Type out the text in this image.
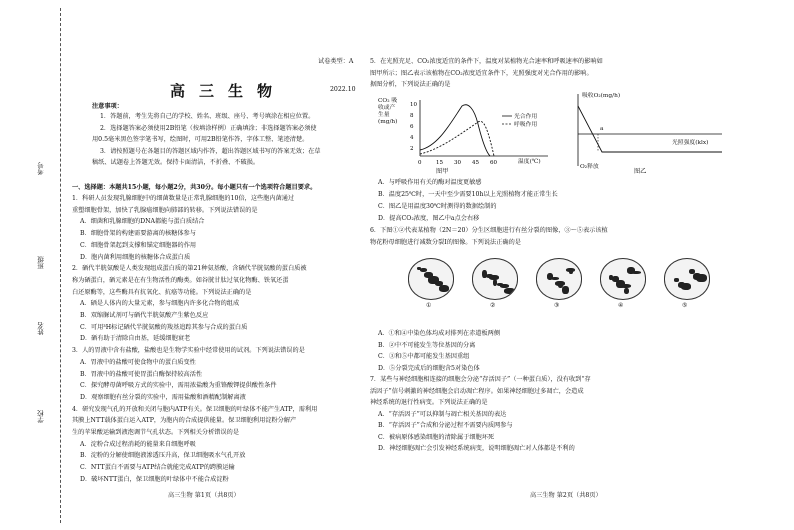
考号
班级
姓名
学校
试卷类型：A
高三生物	2022.10
注意事项：
1．答题前，考生先将自己的学校、姓名、班级、座号、考号填涂在相应位置。
2．选择题答案必须使用2B铅笔（按填涂样例）正确填涂；非选择题答案必须使
用0.5毫米黑色签字笔书写，绘图时，可用2B铅笔作答，字体工整、笔迹清楚。
3．请按照题号在各题目的答题区域内作答，超出答题区域书写的答案无效；在草
稿纸、试题卷上答题无效。保持卡面清洁，不折叠、不破损。
一、选择题：本题共15小题，每小题2分，共30分。每小题只有一个选项符合题目要求。
1．科研人员发现乳腺细胞中的细菌数量是正常乳腺细胞的10倍，这些胞内菌通过
重塑细胞骨架，加快了乳腺癌细胞向肺部的转移。下列说法错误的是
A．细菌和乳腺细胞的DNA都能与蛋白质结合
B．细胞骨架的构建需要游离的核糖体参与
C．细胞骨架起到支撑和锚定细胞器的作用
D．胞内菌利用细胞的核糖体合成蛋白质
2．硒代半胱氨酸是人类发现组成蛋白质的第21种氨基酸，含硒代半胱氨酸的蛋白质被
称为硒蛋白，硒元素是在有生物活性的酶类。如谷胱甘肽过氧化物酶、铁氧还蛋
白还原酶等，这些酶具有抗氧化、抗癌等功能。下列说法正确的是
A．硒是人体内的大量元素，参与细胞内许多化合物的组成
B．双缩脲试剂可与硒代半胱氨酸产生紫色反应
C．可用³H标记硒代半胱氨酸的羧基追踪其参与合成的蛋白质
D．硒有助于清除自由基，延缓细胞衰老
3．人的胃液中含有盐酸，盐酸也是生物学实验中经常使用的试剂。下列说法错误的是
A．胃液中的盐酸可使食物中的蛋白质变性
B．胃液中的盐酸可使胃蛋白酶保持较高活性
C．探究酵母菌呼吸方式的实验中，需用浓盐酸为重铬酸钾提供酸性条件
D．观察细胞有丝分裂的实验中，需用盐酸和酒精配制解离液
4．研究发现气孔的开放和关闭与胞内ATP有关。保卫细胞的叶绿体不能产生ATP，需利用
其膜上NTT载体蛋白运入ATP，为胞内的合成提供能量。保卫细胞利用淀粉分解产
生的苹果酸运输到液泡调节气孔状态。下列相关分析错误的是
A．淀粉合成过程消耗的能量来自细胞呼吸
B．淀粉的分解使细胞液渗透压升高，保卫细胞吸水气孔开放
C．NTT蛋白不需要与ATP结合就能完成ATP的跨膜运输
D．破坏NTT蛋白，保卫细胞的叶绿体中不能合成淀粉
高三生物 第1页（共8页）
5．在光照充足、CO₂浓度适宜的条件下，温度对某植物光合速率和呼吸速率的影响如
图甲所示；图乙表示该植物在CO₂浓度适宜条件下，光照强度对光合作用的影响。
据图分析，下列说法正确的是
10
8
6
4
2
0	15 30 45 60
CO₂ 吸收或产生量 (mg/h)
光合作用
呼吸作用
温度(℃)
图甲
吸收O₂(mg/h)
光照强度(klx)
O₂释放
a
图乙
A．与呼吸作用有关的酶对温度更敏感
B．温度25℃时，一天中至少需要10h以上光照植物才能正常生长
C．图乙是用温度30℃时测得的数据绘制的
D．提高CO₂浓度，图乙中a点会右移
6．下图①②代表某植物（2N＝20）分生区细胞进行有丝分裂的图像，③～⑤表示该植
物花粉母细胞进行减数分裂Ⅰ的图像。下列说法正确的是
①	②	③	④	⑤
A．①和④中染色体均成对排列在赤道板两侧
B．②中不可能发生等位基因的分离
C．③和⑤中都可能发生基因重组
D．⑤分裂完成后的细胞含5对染色体
7．某些与神经细胞相连接的细胞会分泌“存活因子”（一种蛋白质），没有收到“存
活因子”信号刺激的神经细胞会启动凋亡程序。如果神经细胞过多凋亡，会造成
神经系统的退行性病变。下列说法正确的是
A．“存活因子”可以抑制与凋亡相关基因的表达
B．“存活因子”合成和分泌过程不需要内质网参与
C．被病原体感染细胞的清除属于细胞坏死
D．神经细胞凋亡会引发神经系统病变，说明细胞凋亡对人体都是不利的
高三生物 第2页（共8页）
